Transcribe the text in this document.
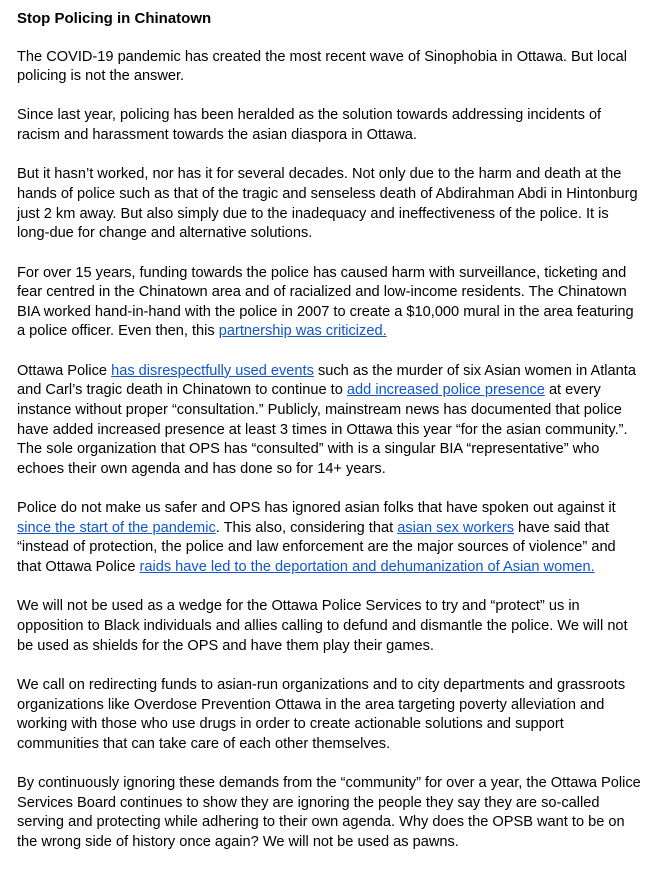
Stop Policing in Chinatown

The COVID-19 pandemic has created the most recent wave of Sinophobia in Ottawa. But local policing is not the answer.

Since last year, policing has been heralded as the solution towards addressing incidents of racism and harassment towards the asian diaspora in Ottawa.

But it hasn’t worked, nor has it for several decades. Not only due to the harm and death at the hands of police such as that of the tragic and senseless death of Abdirahman Abdi in Hintonburg just 2 km away. But also simply due to the inadequacy and ineffectiveness of the police. It is long-due for change and alternative solutions.

For over 15 years, funding towards the police has caused harm with surveillance, ticketing and fear centred in the Chinatown area and of racialized and low-income residents. The Chinatown BIA worked hand-in-hand with the police in 2007 to create a $10,000 mural in the area featuring a police officer. Even then, this partnership was criticized.

Ottawa Police has disrespectfully used events such as the murder of six Asian women in Atlanta and Carl’s tragic death in Chinatown to continue to add increased police presence at every instance without proper “consultation.” Publicly, mainstream news has documented that police have added increased presence at least 3 times in Ottawa this year “for the asian community.”. The sole organization that OPS has “consulted” with is a singular BIA “representative” who echoes their own agenda and has done so for 14+ years.

Police do not make us safer and OPS has ignored asian folks that have spoken out against it since the start of the pandemic. This also, considering that asian sex workers have said that “instead of protection, the police and law enforcement are the major sources of violence” and that Ottawa Police raids have led to the deportation and dehumanization of Asian women.

We will not be used as a wedge for the Ottawa Police Services to try and “protect” us in opposition to Black individuals and allies calling to defund and dismantle the police. We will not be used as shields for the OPS and have them play their games.

We call on redirecting funds to asian-run organizations and to city departments and grassroots organizations like Overdose Prevention Ottawa in the area targeting poverty alleviation and working with those who use drugs in order to create actionable solutions and support communities that can take care of each other themselves.

By continuously ignoring these demands from the “community” for over a year, the Ottawa Police Services Board continues to show they are ignoring the people they say they are so-called serving and protecting while adhering to their own agenda. Why does the OPSB want to be on the wrong side of history once again? We will not be used as pawns.
